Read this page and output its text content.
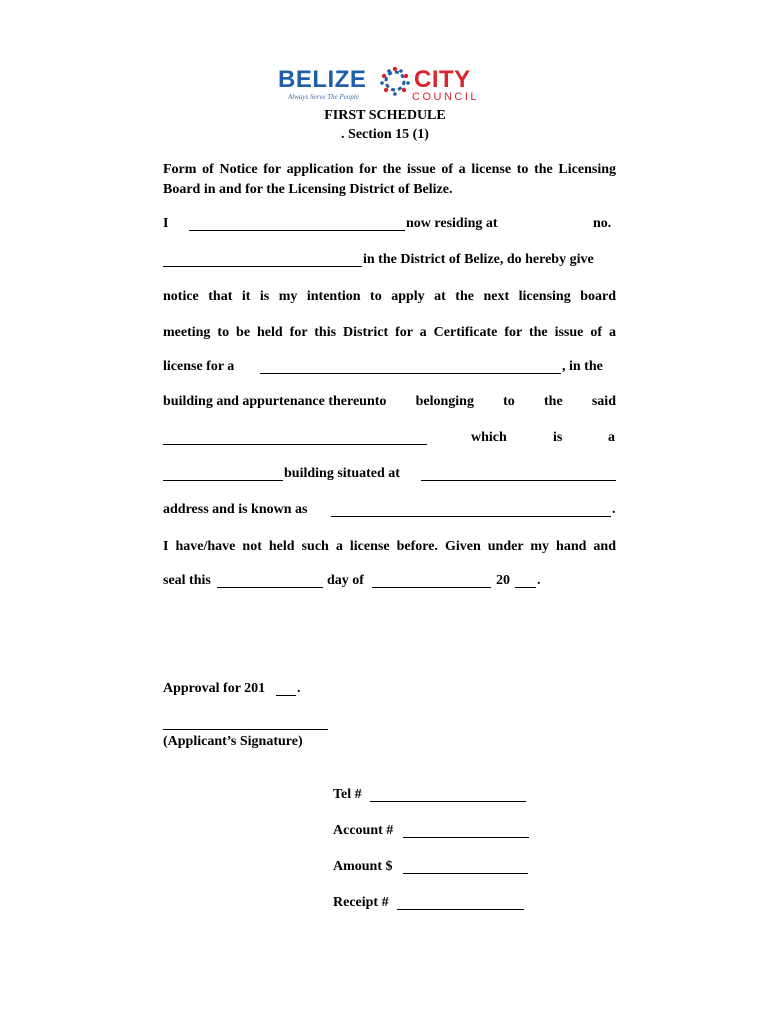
BELIZE CITY
Always Serve The People	COUNCIL
FIRST SCHEDULE
. Section 15 (1)
Form of Notice for application for the issue of a license to the Licensing Board in and for the Licensing District of Belize.
I	now residing at	no.
in the District of Belize, do hereby give
notice that it is my intention to apply at the next licensing board
meeting to be held for this District for a Certificate for the issue of a
license for a	, in the
building and appurtenance thereunto belonging to the said
which	is	a
building situated at
address and is known as	.
I have/have not held such a license before. Given under my hand and
seal this	day of	20 .
Approval for 201 .
(Applicant’s Signature)
Tel #
Account #
Amount $
Receipt #
